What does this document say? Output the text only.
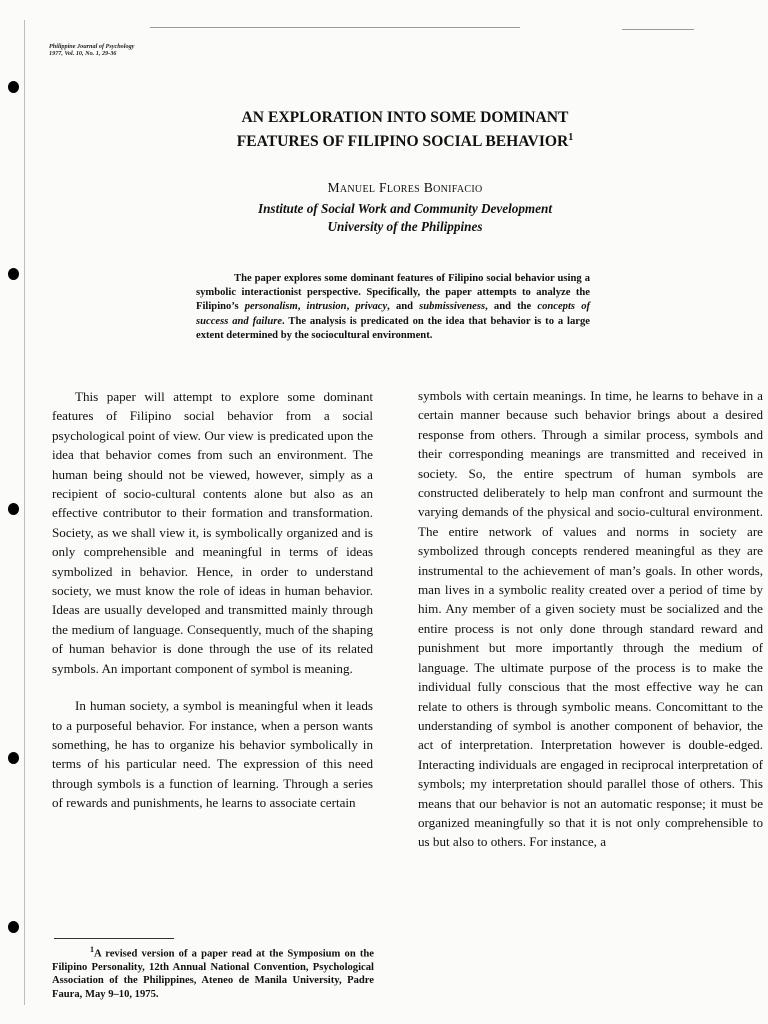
Philippine Journal of Psychology
1977, Vol. 10, No. 1, 29-36
AN EXPLORATION INTO SOME DOMINANT
FEATURES OF FILIPINO SOCIAL BEHAVIOR$^1$
Manuel Flores Bonifacio
Institute of Social Work and Community Development
University of the Philippines
The paper explores some dominant features of Filipino social behavior using a symbolic interactionist perspective. Specifically, the paper attempts to analyze the Filipino’s personalism, intrusion, privacy, and submissiveness, and the concepts of success and failure. The analysis is predicated on the idea that behavior is to a large extent determined by the sociocultural environment.

This paper will attempt to explore some dominant features of Filipino social behavior from a social psychological point of view. Our view is predicated upon the idea that behavior comes from such an environment. The human being should not be viewed, however, simply as a recipient of socio-cultural contents alone but also as an effective contributor to their formation and transformation. Society, as we shall view it, is symbolically organized and is only comprehensible and meaningful in terms of ideas symbolized in behavior. Hence, in order to understand society, we must know the role of ideas in human behavior. Ideas are usually developed and transmitted mainly through the medium of language. Consequently, much of the shaping of human behavior is done through the use of its related symbols. An important component of symbol is meaning.

In human society, a symbol is meaningful when it leads to a purposeful behavior. For instance, when a person wants something, he has to organize his behavior symbolically in terms of his particular need. The expression of this need through symbols is a function of learning. Through a series of rewards and punishments, he learns to associate certain

symbols with certain meanings. In time, he learns to behave in a certain manner because such behavior brings about a desired response from others. Through a similar process, symbols and their corresponding meanings are transmitted and received in society. So, the entire spectrum of human symbols are constructed deliberately to help man confront and surmount the varying demands of the physical and socio-cultural environment. The entire network of values and norms in society are symbolized through concepts rendered meaningful as they are instrumental to the achievement of man’s goals. In other words, man lives in a symbolic reality created over a period of time by him. Any member of a given society must be socialized and the entire process is not only done through standard reward and punishment but more importantly through the medium of language. The ultimate purpose of the process is to make the individual fully conscious that the most effective way he can relate to others is through symbolic means. Concomittant to the understanding of symbol is another component of behavior, the act of interpretation. Interpretation however is double-edged. Interacting individuals are engaged in reciprocal interpretation of symbols; my interpretation should parallel those of others. This means that our behavior is not an automatic response; it must be organized meaningfully so that it is not only comprehensible to us but also to others. For instance, a

$^1$A revised version of a paper read at the Symposium on the Filipino Personality, 12th Annual National Convention, Psychological Association of the Philippines, Ateneo de Manila University, Padre Faura, May 9–10, 1975.
